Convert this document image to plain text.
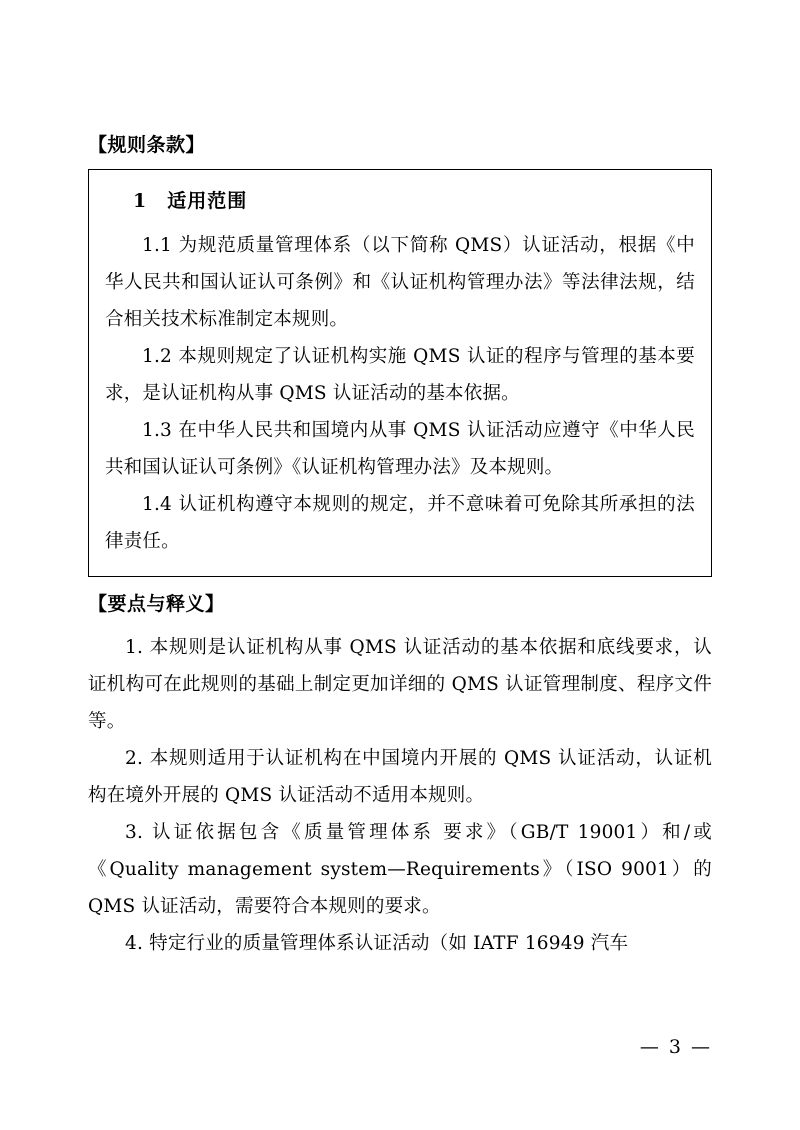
【规则条款】
1 适用范围

1.1 为规范质量管理体系（以下简称 QMS）认证活动，根据《中华人民共和国认证认可条例》和《认证机构管理办法》等法律法规，结合相关技术标准制定本规则。

1.2 本规则规定了认证机构实施 QMS 认证的程序与管理的基本要求，是认证机构从事 QMS 认证活动的基本依据。

1.3 在中华人民共和国境内从事 QMS 认证活动应遵守《中华人民共和国认证认可条例》《认证机构管理办法》及本规则。

1.4 认证机构遵守本规则的规定，并不意味着可免除其所承担的法律责任。

【要点与释义】

1. 本规则是认证机构从事 QMS 认证活动的基本依据和底线要求，认证机构可在此规则的基础上制定更加详细的 QMS 认证管理制度、程序文件等。

2. 本规则适用于认证机构在中国境内开展的 QMS 认证活动，认证机构在境外开展的 QMS 认证活动不适用本规则。

3. 认证依据包含《质量管理体系 要求》（GB/T 19001）和/或《Quality management system—Requirements》（ISO 9001）的 QMS 认证活动，需要符合本规则的要求。

4. 特定行业的质量管理体系认证活动（如 IATF 16949 汽车

— 3 —
